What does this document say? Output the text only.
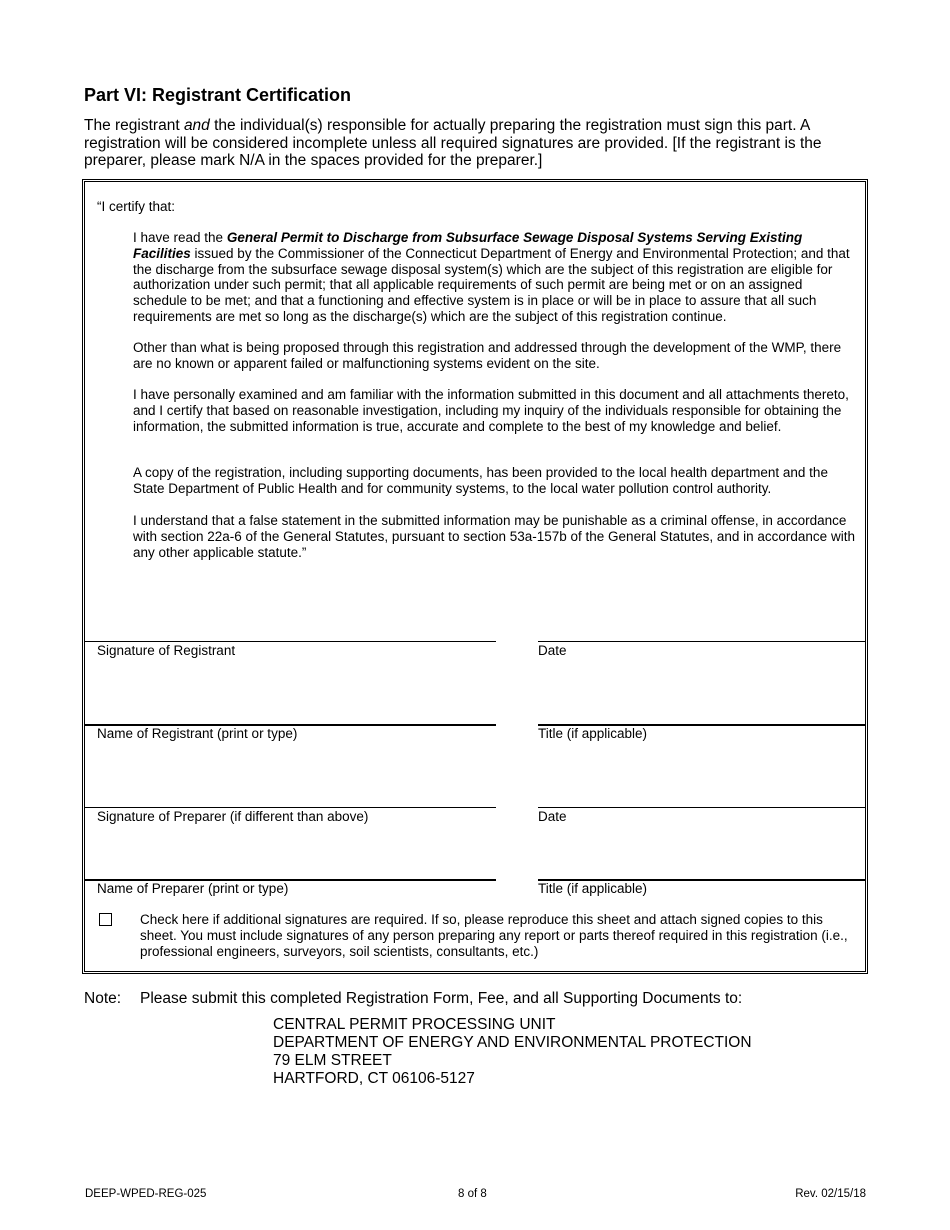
Part VI: Registrant Certification

The registrant and the individual(s) responsible for actually preparing the registration must sign this part. A registration will be considered incomplete unless all required signatures are provided. [If the registrant is the preparer, please mark N/A in the spaces provided for the preparer.]

“I certify that:

I have read the General Permit to Discharge from Subsurface Sewage Disposal Systems Serving Existing Facilities issued by the Commissioner of the Connecticut Department of Energy and Environmental Protection; and that the discharge from the subsurface sewage disposal system(s) which are the subject of this registration are eligible for authorization under such permit; that all applicable requirements of such permit are being met or on an assigned schedule to be met; and that a functioning and effective system is in place or will be in place to assure that all such requirements are met so long as the discharge(s) which are the subject of this registration continue.

Other than what is being proposed through this registration and addressed through the development of the WMP, there are no known or apparent failed or malfunctioning systems evident on the site.

I have personally examined and am familiar with the information submitted in this document and all attachments thereto, and I certify that based on reasonable investigation, including my inquiry of the individuals responsible for obtaining the information, the submitted information is true, accurate and complete to the best of my knowledge and belief.

A copy of the registration, including supporting documents, has been provided to the local health department and the State Department of Public Health and for community systems, to the local water pollution control authority.

I understand that a false statement in the submitted information may be punishable as a criminal offense, in accordance with section 22a-6 of the General Statutes, pursuant to section 53a-157b of the General Statutes, and in accordance with any other applicable statute.”

Signature of Registrant	Date
Name of Registrant (print or type)	Title (if applicable)
Signature of Preparer (if different than above)	Date
Name of Preparer (print or type)	Title (if applicable)

Check here if additional signatures are required. If so, please reproduce this sheet and attach signed copies to this sheet. You must include signatures of any person preparing any report or parts thereof required in this registration (i.e., professional engineers, surveyors, soil scientists, consultants, etc.)

Note: Please submit this completed Registration Form, Fee, and all Supporting Documents to:
CENTRAL PERMIT PROCESSING UNIT
DEPARTMENT OF ENERGY AND ENVIRONMENTAL PROTECTION
79 ELM STREET
HARTFORD, CT 06106-5127
DEEP-WPED-REG-025	8 of 8	Rev. 02/15/18
